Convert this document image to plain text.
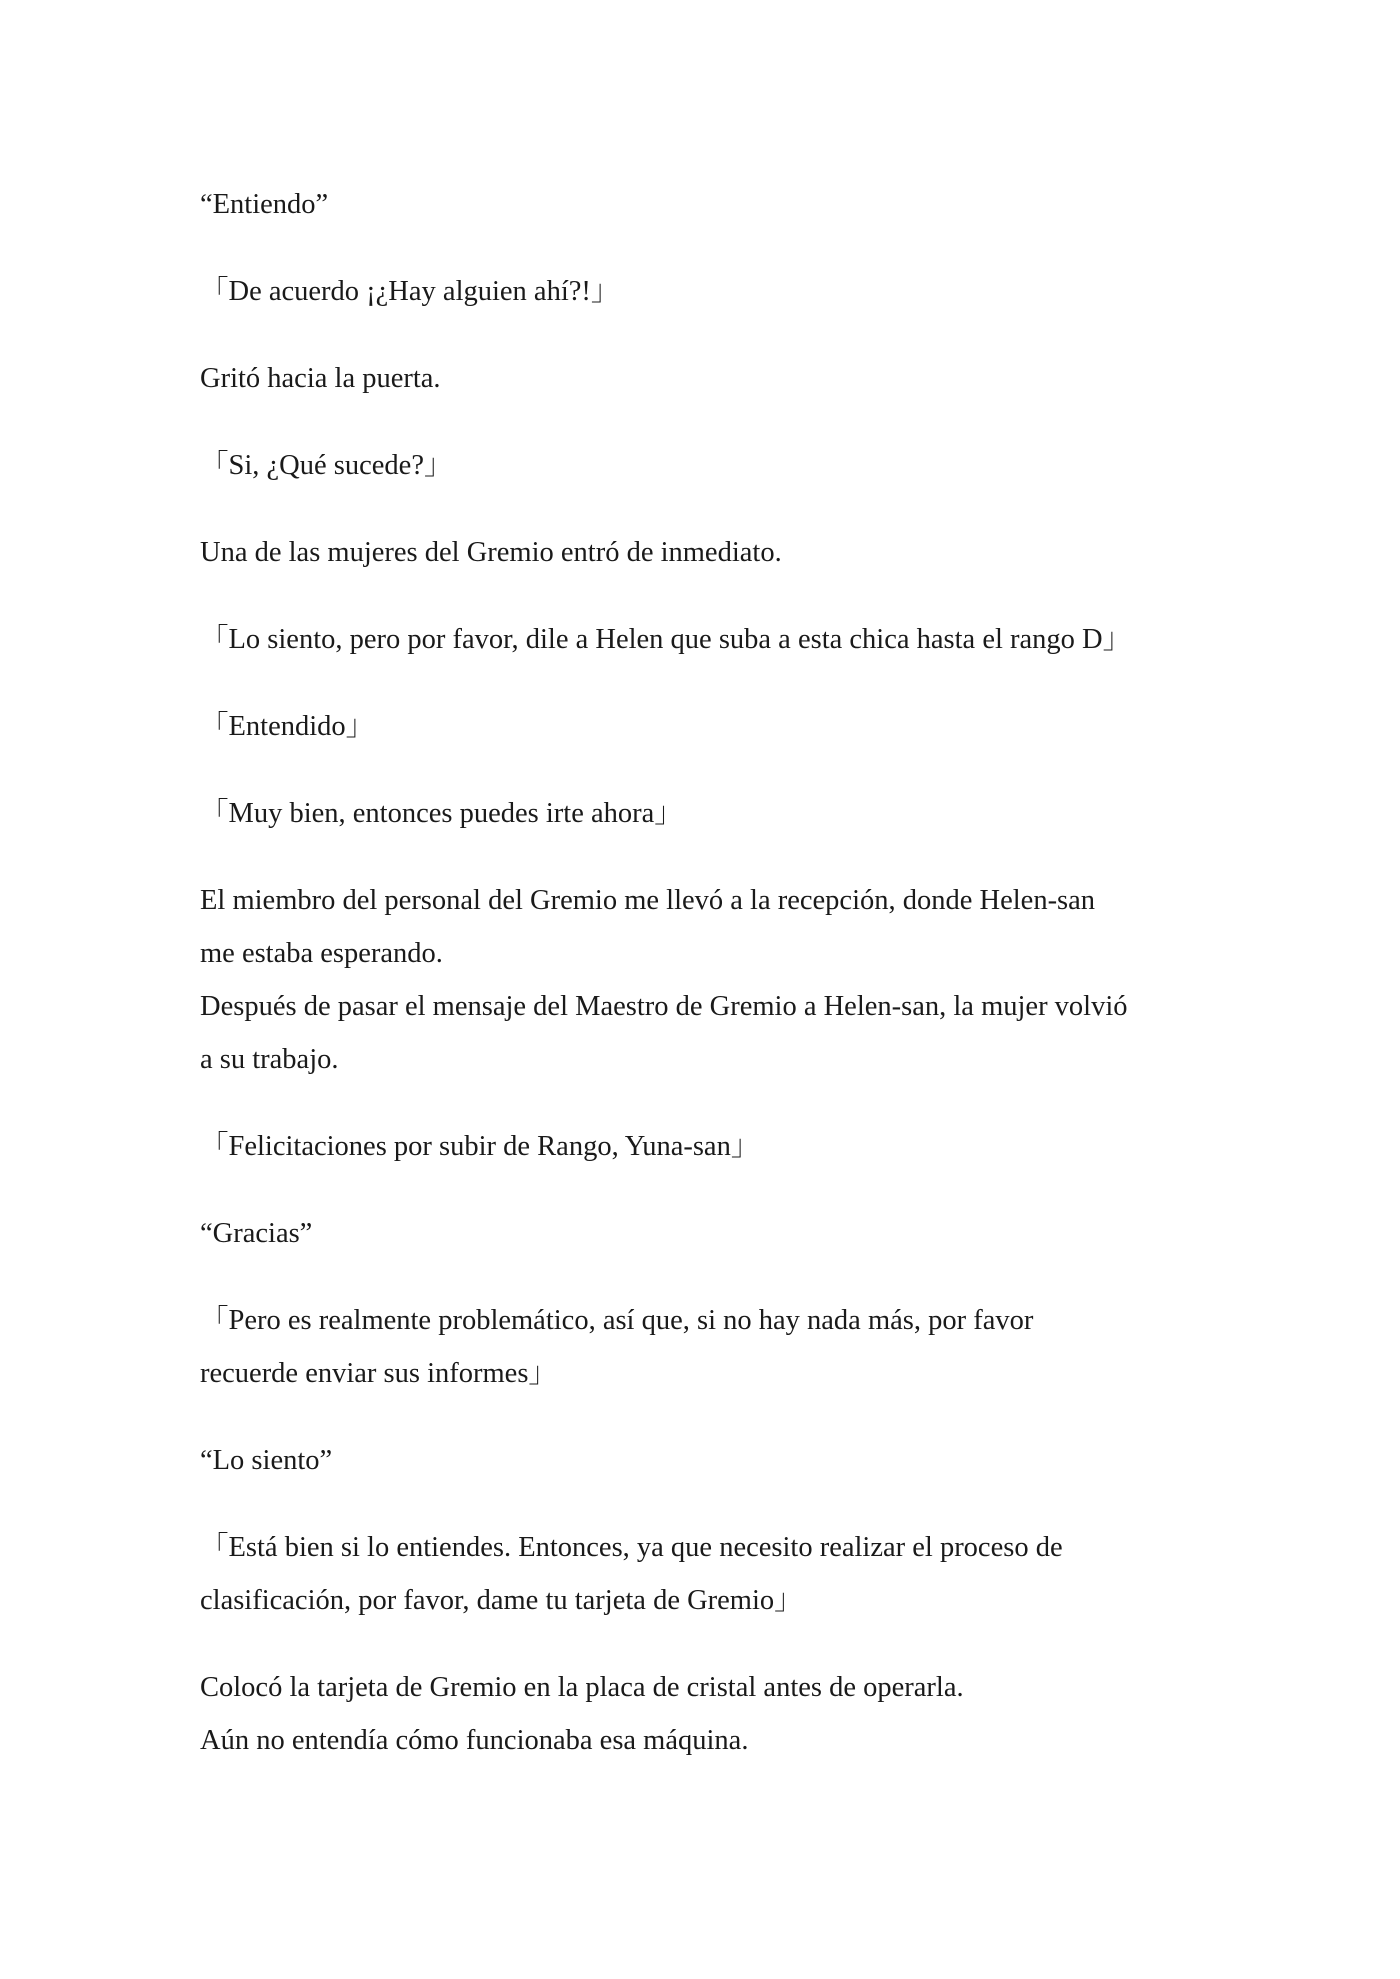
“Entiendo”

「De acuerdo ¡¿Hay alguien ahí?!」

Gritó hacia la puerta.

「Si, ¿Qué sucede?」

Una de las mujeres del Gremio entró de inmediato.

「Lo siento, pero por favor, dile a Helen que suba a esta chica hasta el rango D」

「Entendido」

「Muy bien, entonces puedes irte ahora」

El miembro del personal del Gremio me llevó a la recepción, donde Helen-san
me estaba esperando.
Después de pasar el mensaje del Maestro de Gremio a Helen-san, la mujer volvió
a su trabajo.

「Felicitaciones por subir de Rango, Yuna-san」

“Gracias”

「Pero es realmente problemático, así que, si no hay nada más, por favor
recuerde enviar sus informes」

“Lo siento”

「Está bien si lo entiendes. Entonces, ya que necesito realizar el proceso de
clasificación, por favor, dame tu tarjeta de Gremio」

Colocó la tarjeta de Gremio en la placa de cristal antes de operarla.
Aún no entendía cómo funcionaba esa máquina.
